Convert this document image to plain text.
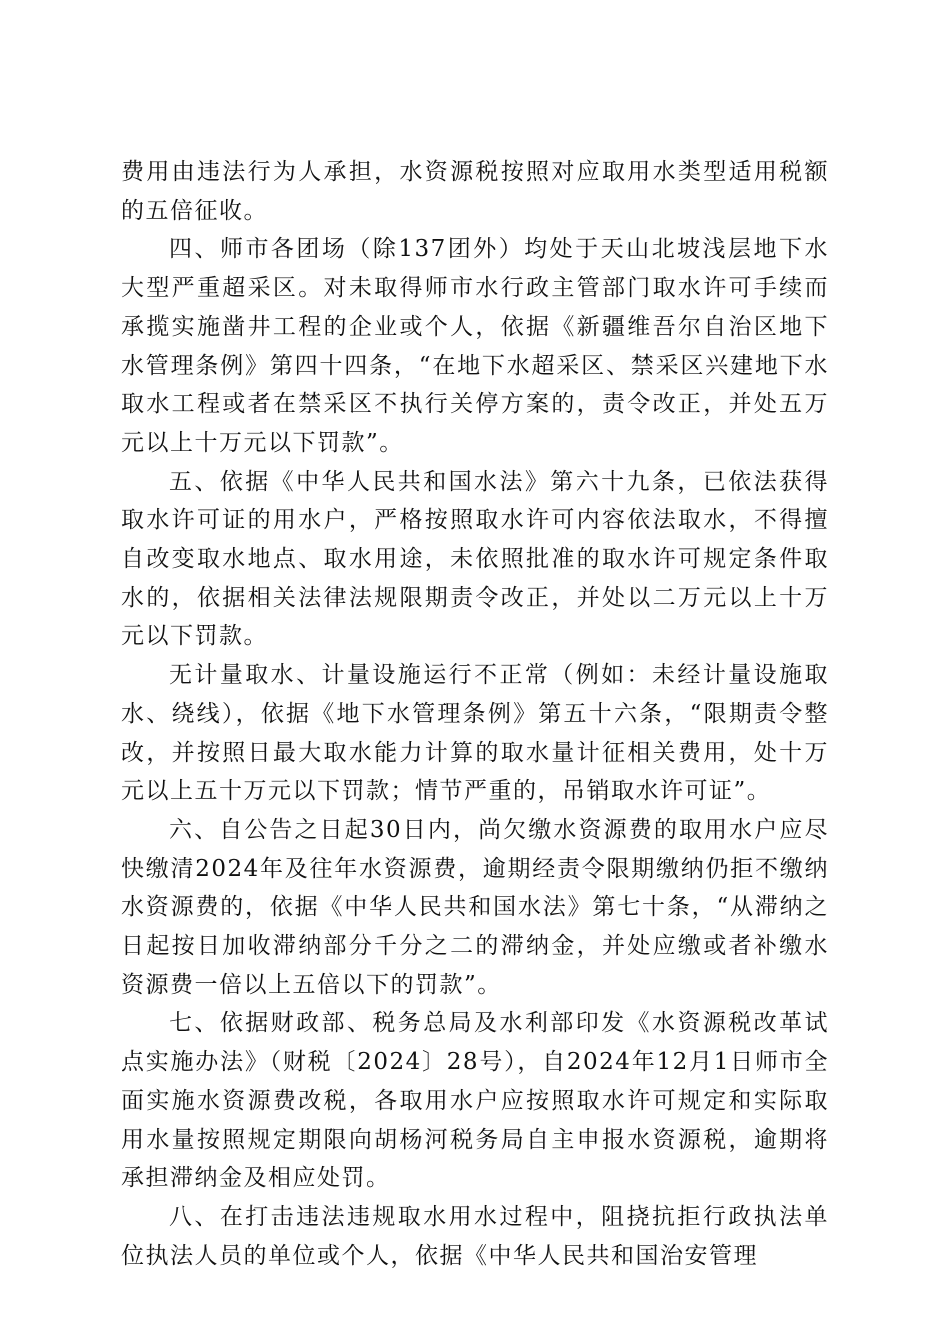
费用由违法行为人承担，水资源税按照对应取用水类型适用税额的五倍征收。

四、师市各团场（除137团外）均处于天山北坡浅层地下水大型严重超采区。对未取得师市水行政主管部门取水许可手续而承揽实施凿井工程的企业或个人，依据《新疆维吾尔自治区地下水管理条例》第四十四条，“在地下水超采区、禁采区兴建地下水取水工程或者在禁采区不执行关停方案的，责令改正，并处五万元以上十万元以下罚款”。

五、依据《中华人民共和国水法》第六十九条，已依法获得取水许可证的用水户，严格按照取水许可内容依法取水，不得擅自改变取水地点、取水用途，未依照批准的取水许可规定条件取水的，依据相关法律法规限期责令改正，并处以二万元以上十万元以下罚款。

无计量取水、计量设施运行不正常（例如：未经计量设施取水、绕线），依据《地下水管理条例》第五十六条，“限期责令整改，并按照日最大取水能力计算的取水量计征相关费用，处十万元以上五十万元以下罚款；情节严重的，吊销取水许可证”。

六、自公告之日起30日内，尚欠缴水资源费的取用水户应尽快缴清2024年及往年水资源费，逾期经责令限期缴纳仍拒不缴纳水资源费的，依据《中华人民共和国水法》第七十条，“从滞纳之日起按日加收滞纳部分千分之二的滞纳金，并处应缴或者补缴水资源费一倍以上五倍以下的罚款”。

七、依据财政部、税务总局及水利部印发《水资源税改革试点实施办法》（财税〔2024〕28号），自2024年12月1日师市全面实施水资源费改税，各取用水户应按照取水许可规定和实际取用水量按照规定期限向胡杨河税务局自主申报水资源税，逾期将承担滞纳金及相应处罚。

八、在打击违法违规取水用水过程中，阻挠抗拒行政执法单位执法人员的单位或个人，依据《中华人民共和国治安管理
